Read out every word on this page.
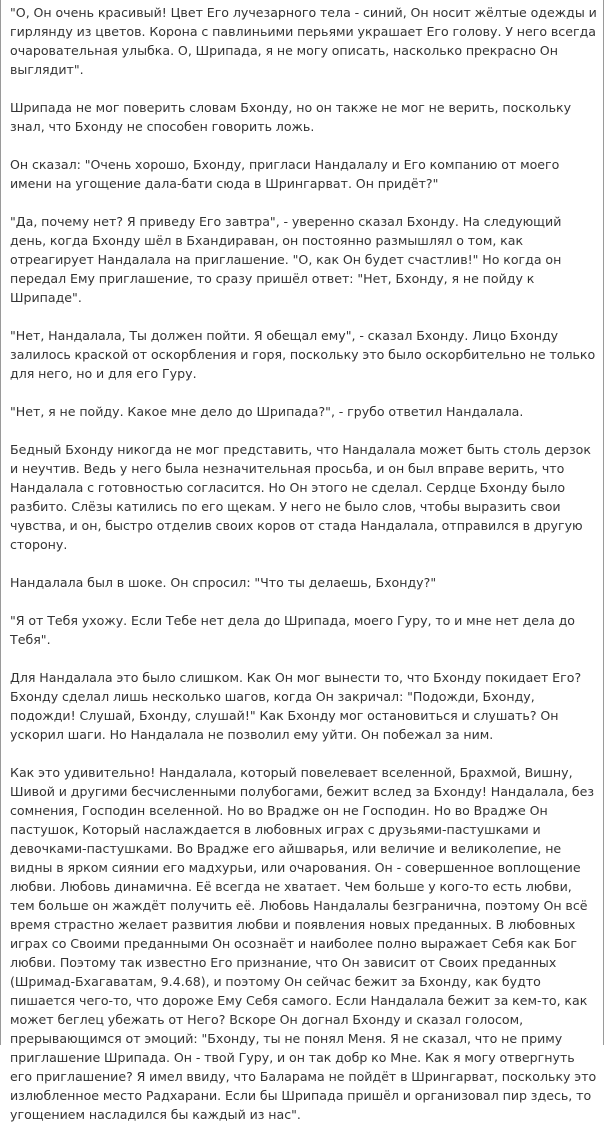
"О, Он очень красивый! Цвет Его лучезарного тела - синий, Он носит жёлтые одежды и гирлянду из цветов. Корона с павлиньими перьями украшает Его голову. У него всегда очаровательная улыбка. О, Шрипада, я не могу описать, насколько прекрасно Он выглядит".

Шрипада не мог поверить словам Бхонду, но он также не мог не верить, поскольку знал, что Бхонду не способен говорить ложь.

Он сказал: "Очень хорошо, Бхонду, пригласи Нандалалу и Его компанию от моего имени на угощение дала-бати сюда в Шрингарват. Он придёт?"

"Да, почему нет? Я приведу Его завтра", - уверенно сказал Бхонду. На следующий день, когда Бхонду шёл в Бхандираван, он постоянно размышлял о том, как отреагирует Нандалала на приглашение. "О, как Он будет счастлив!" Но когда он передал Ему приглашение, то сразу пришёл ответ: "Нет, Бхонду, я не пойду к Шрипаде".

"Нет, Нандалала, Ты должен пойти. Я обещал ему", - сказал Бхонду. Лицо Бхонду залилось краской от оскорбления и горя, поскольку это было оскорбительно не только для него, но и для его Гуру.

"Нет, я не пойду. Какое мне дело до Шрипада?", - грубо ответил Нандалала.

Бедный Бхонду никогда не мог представить, что Нандалала может быть столь дерзок и неучтив. Ведь у него была незначительная просьба, и он был вправе верить, что Нандалала с готовностью согласится. Но Он этого не сделал. Сердце Бхонду было разбито. Слёзы катились по его щекам. У него не было слов, чтобы выразить свои чувства, и он, быстро отделив своих коров от стада Нандалала, отправился в другую сторону.

Нандалала был в шоке. Он спросил: "Что ты делаешь, Бхонду?"

"Я от Тебя ухожу. Если Тебе нет дела до Шрипада, моего Гуру, то и мне нет дела до Тебя".

Для Нандалала это было слишком. Как Он мог вынести то, что Бхонду покидает Его? Бхонду сделал лишь несколько шагов, когда Он закричал: "Подожди, Бхонду, подожди! Слушай, Бхонду, слушай!" Как Бхонду мог остановиться и слушать? Он ускорил шаги. Но Нандалала не позволил ему уйти. Он побежал за ним.

Как это удивительно! Нандалала, который повелевает вселенной, Брахмой, Вишну, Шивой и другими бесчисленными полубогами, бежит вслед за Бхонду! Нандалала, без сомнения, Господин вселенной. Но во Врадже он не Господин. Но во Врадже Он пастушок, Который наслаждается в любовных играх с друзьями-пастушками и девочками-пастушками. Во Врадже его айшварья, или величие и великолепие, не видны в ярком сиянии его мадхурьи, или очарования. Он - совершенное воплощение любви. Любовь динамична. Её всегда не хватает. Чем больше у кого-то есть любви, тем больше он жаждёт получить её. Любовь Нандалалы безгранична, поэтому Он всё время страстно желает развития любви и появления новых преданных. В любовных играх со Своими преданными Он осознаёт и наиболее полно выражает Себя как Бог любви. Поэтому так известно Его признание, что Он зависит от Своих преданных (Шримад-Бхагаватам, 9.4.68), и поэтому Он сейчас бежит за Бхонду, как будто пишается чего-то, что дороже Ему Себя самого. Если Нандалала бежит за кем-то, как может беглец убежать от Него? Вскоре Он догнал Бхонду и сказал голосом, прерывающимся от эмоций: "Бхонду, ты не понял Меня. Я не сказал, что не приму приглашение Шрипада. Он - твой Гуру, и он так добр ко Мне. Как я могу отвергнуть его приглашение? Я имел ввиду, что Баларама не пойдёт в Шрингарват, поскольку это излюбленное место Радхарани. Если бы Шрипада пришёл и организовал пир здесь, то угощением насладился бы каждый из нас".
